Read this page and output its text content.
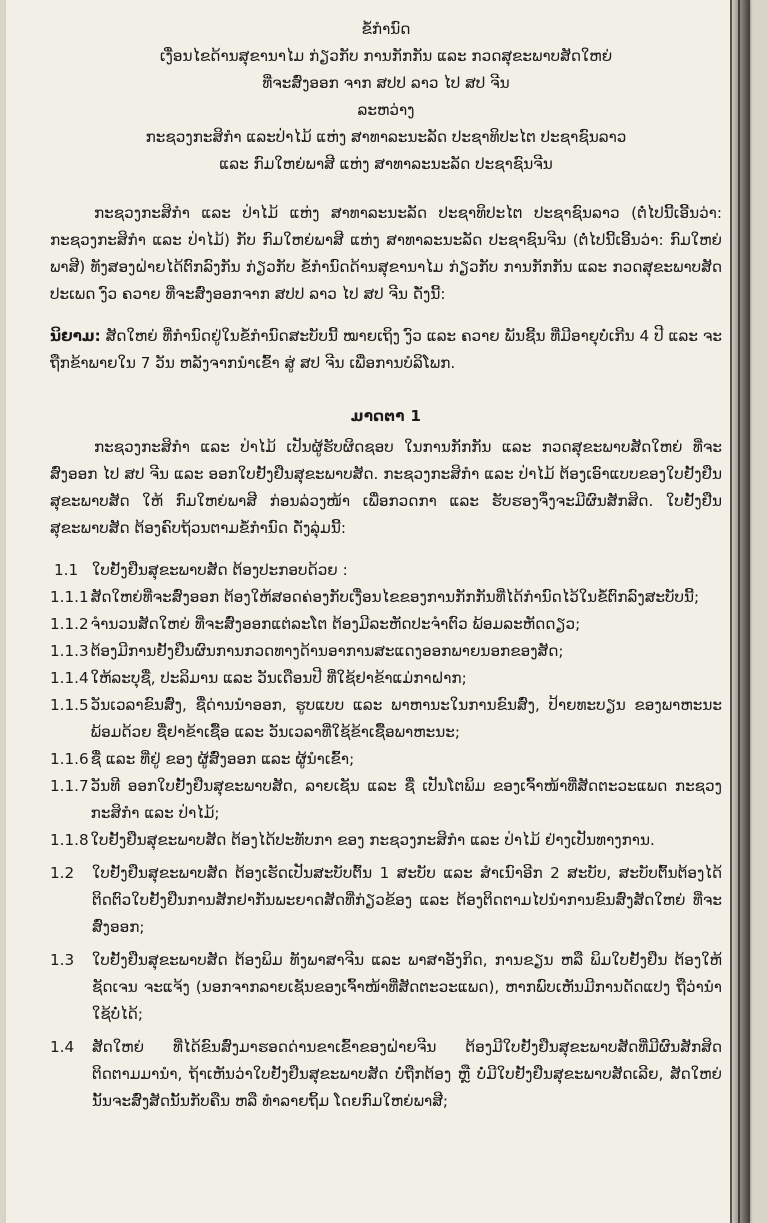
ຂໍ້ກຳນົດ
ເງື່ອນໄຂດ້ານສຸຂານາໄມ ກ່ຽວກັບ ການກັກກັນ ແລະ ກວດສຸຂະພາບສັດໃຫຍ່
ທີ່ຈະສົ່ງອອກ ຈາກ ສປປ ລາວ ໄປ ສປ ຈີນ
ລະຫວ່າງ
ກະຊວງກະສິກຳ ແລະປ່າໄມ້ ແຫ່ງ ສາທາລະນະລັດ ປະຊາທິປະໄຕ ປະຊາຊົນລາວ
ແລະ ກົມໃຫຍ່ພາສີ ແຫ່ງ ສາທາລະນະລັດ ປະຊາຊົນຈີນ

ກະຊວງກະສິກຳ ແລະ ປ່າໄມ້ ແຫ່ງ ສາທາລະນະລັດ ປະຊາທິປະໄຕ ປະຊາຊົນລາວ (ຕໍ່ໄປນີ້ເອີ້ນວ່າ: ກະຊວງກະສິກຳ ແລະ ປ່າໄມ້) ກັບ ກົມໃຫຍ່ພາສີ ແຫ່ງ ສາທາລະນະລັດ ປະຊາຊົນຈີນ (ຕໍ່ໄປນີ້ເອີ້ນວ່າ: ກົມໃຫຍ່ພາສີ) ທັງສອງຝ່າຍໄດ້ຕົກລົງກັນ ກ່ຽວກັບ ຂໍ້ກຳນົດດ້ານສຸຂານາໄມ ກ່ຽວກັບ ການກັກກັນ ແລະ ກວດສຸຂະພາບສັດ ປະເພດ ງົວ ຄວາຍ ທີ່ຈະສົ່ງອອກຈາກ ສປປ ລາວ ໄປ ສປ ຈີນ ດັ່ງນີ້:

ນິຍາມ: ສັດໃຫຍ່ ທີ່ກຳນົດຢູ່ໃນຂໍ້ກຳນົດສະບັບນີ້ ໝາຍເຖິງ ງົວ ແລະ ຄວາຍ ພັນຊີ້ນ ທີ່ມີອາຍຸບໍ່ເກີນ 4 ປີ ແລະ ຈະຖືກຂ້າພາຍໃນ 7 ວັນ ຫລັງຈາກນຳເຂົ້າ ສູ່ ສປ ຈີນ ເພື່ອການບໍລິໂພກ.

ມາດຕາ 1

ກະຊວງກະສິກຳ ແລະ ປ່າໄມ້ ເປັນຜູ້ຮັບຜິດຊອບ ໃນການກັກກັນ ແລະ ກວດສຸຂະພາບສັດໃຫຍ່ ທີ່ຈະສົ່ງອອກ ໄປ ສປ ຈີນ ແລະ ອອກໃບຢັ້ງຢືນສຸຂະພາບສັດ. ກະຊວງກະສິກຳ ແລະ ປ່າໄມ້ ຕ້ອງເອົາແບບຂອງໃບຢັ້ງຢືນສຸຂະພາບສັດ ໃຫ້ ກົມໃຫຍ່ພາສີ ກ່ອນລ່ວງໜ້າ ເພື່ອກວດກາ ແລະ ຮັບຮອງຈຶ່ງຈະມີຜົນສັກສິດ. ໃບຢັ້ງຢືນສຸຂະພາບສັດ ຕ້ອງຄົບຖ້ວນຕາມຂໍ້ກຳນົດ ດັ່ງລຸ່ມນີ້:

1.1 ໃບຢັ້ງຢືນສຸຂະພາບສັດ ຕ້ອງປະກອບດ້ວຍ :
1.1.1 ສັດໃຫຍ່ທີ່ຈະສົ່ງອອກ ຕ້ອງໃຫ້ສອດຄ່ອງກັບເງື່ອນໄຂຂອງການກັກກັນທີ່ໄດ້ກຳນົດໄວ້ໃນຂໍ້ຕົກລົງສະບັບນີ້;
1.1.2 ຈຳນວນສັດໃຫຍ່ ທີ່ຈະສົ່ງອອກແຕ່ລະໂຕ ຕ້ອງມີລະຫັດປະຈຳຕົວ ພ້ອມລະຫັດດຽວ;
1.1.3 ຕ້ອງມີການຢັ້ງຢືນຜົນການກວດທາງດ້ານອາການສະແດງອອກພາຍນອກຂອງສັດ;
1.1.4 ໃຫ້ລະບຸຊື່, ປະລິມານ ແລະ ວັນເດືອນປີ ທີ່ໃຊ້ຢາຂ້າແມ່ກາຝາກ;
1.1.5 ວັນເວລາຂົນສົ່ງ, ຊື່ດ່ານນຳອອກ, ຮູບແບບ ແລະ ພາຫານະໃນການຂົນສົ່ງ, ປ້າຍທະບຽນ ຂອງພາຫະນະ ພ້ອມດ້ວຍ ຊື່ຢາຂ້າເຊື້ອ ແລະ ວັນເວລາທີ່ໃຊ້ຂ້າເຊື້ອພາຫະນະ;
1.1.6 ຊື່ ແລະ ທີ່ຢູ່ ຂອງ ຜູ້ສົ່ງອອກ ແລະ ຜູ້ນຳເຂົ້າ;
1.1.7 ວັນທີ ອອກໃບຢັ້ງຢືນສຸຂະພາບສັດ, ລາຍເຊັນ ແລະ ຊື່ ເປັນໂຕພິມ ຂອງເຈົ້າໜ້າທີ່ສັດຕະວະແພດ ກະຊວງກະສິກຳ ແລະ ປ່າໄມ້;
1.1.8 ໃບຢັ້ງຢືນສຸຂະພາບສັດ ຕ້ອງໄດ້ປະທັບກາ ຂອງ ກະຊວງກະສິກຳ ແລະ ປ່າໄມ້ ຢ່າງເປັນທາງການ.
1.2	ໃບຢັ້ງຢືນສຸຂະພາບສັດ ຕ້ອງເຮັດເປັນສະບັບຕົ້ນ 1 ສະບັບ ແລະ ສຳເນົາອີກ 2 ສະບັບ, ສະບັບຕົ້ນຕ້ອງໄດ້ຕິດຕົວໃບຢັ້ງຢືນການສັກຢາກັນພະຍາດສັດທີ່ກ່ຽວຂ້ອງ ແລະ ຕ້ອງຕິດຕາມໄປນຳການຂົນສົ່ງສັດໃຫຍ່ ທີ່ຈະສົ່ງອອກ;
1.3	ໃບຢັ້ງຢືນສຸຂະພາບສັດ ຕ້ອງພິມ ທັງພາສາຈີນ ແລະ ພາສາອັງກິດ, ການຂຽນ ຫລື ພິມໃບຢັ້ງຢືນ ຕ້ອງໃຫ້ຊັດເຈນ ຈະແຈ້ງ (ນອກຈາກລາຍເຊັນຂອງເຈົ້າໜ້າທີ່ສັດຕະວະແພດ), ຫາກພົບເຫັນມີການດັດແປງ ຖືວ່ານຳໃຊ້ບໍ່ໄດ້;
1.4	ສັດໃຫຍ່ ທີ່ໄດ້ຂົນສົ່ງມາຮອດດ່ານຂາເຂົ້າຂອງຝ່າຍຈີນ ຕ້ອງມີໃບຢັ້ງຢືນສຸຂະພາບສັດທີ່ມີຜົນສັກສິດຕິດຕາມມານຳ, ຖ້າເຫັນວ່າໃບຢັ້ງຢືນສຸຂະພາບສັດ ບໍ່ຖືກຕ້ອງ ຫຼື ບໍ່ມີໃບຢັ້ງຢືນສຸຂະພາບສັດເລີຍ, ສັດໃຫຍ່ນັ້ນຈະສົ່ງສັດນັ້ນກັບຄືນ ຫລື ທຳລາຍຖິ້ມ ໂດຍກົມໃຫຍ່ພາສີ;
